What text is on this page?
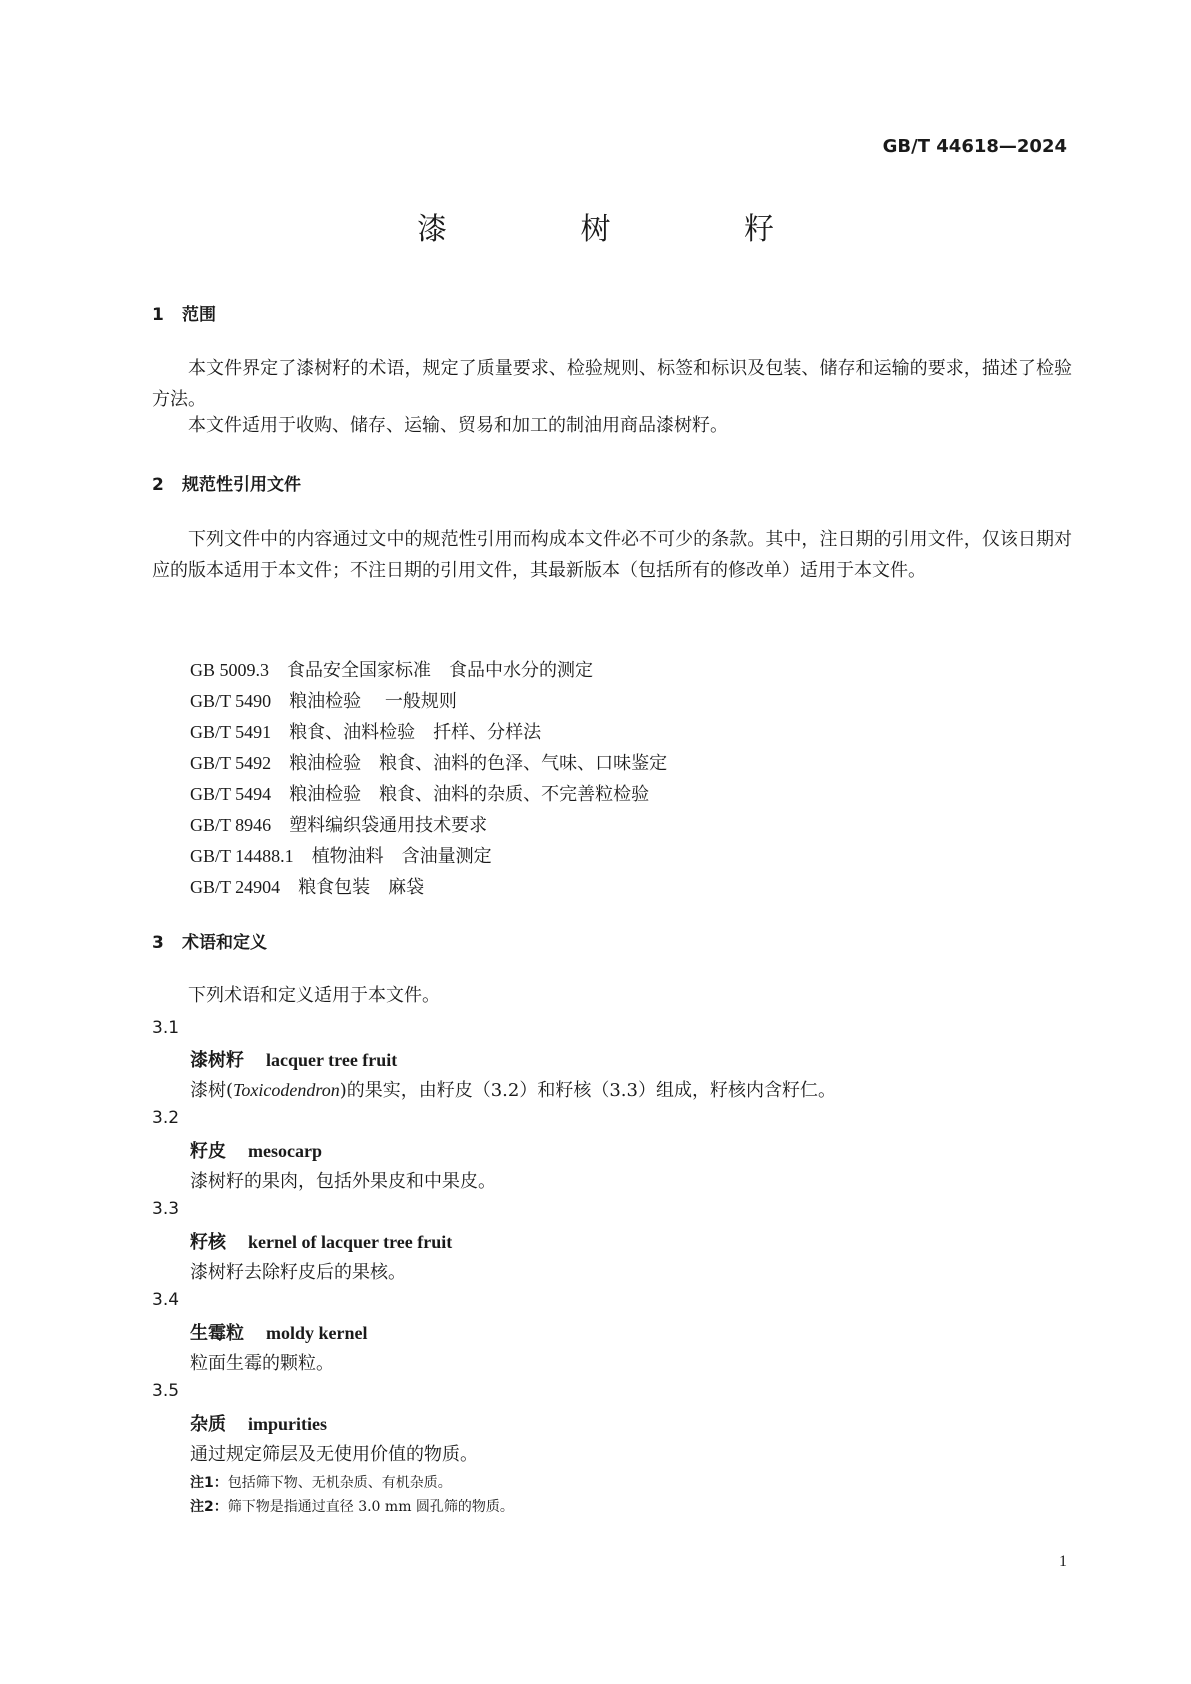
GB/T 44618—2024
漆 树 籽
1 范围

本文件界定了漆树籽的术语，规定了质量要求、检验规则、标签和标识及包装、储存和运输的要求，描述了检验方法。

本文件适用于收购、储存、运输、贸易和加工的制油用商品漆树籽。

2 规范性引用文件

下列文件中的内容通过文中的规范性引用而构成本文件必不可少的条款。其中，注日期的引用文件，仅该日期对应的版本适用于本文件；不注日期的引用文件，其最新版本（包括所有的修改单）适用于本文件。

GB 5009.3　 食品安全国家标准　食品中水分的测定
GB/T 5490　 粮油检验　 一般规则
GB/T 5491　 粮食、油料检验　扦样、分样法
GB/T 5492　 粮油检验　粮食、油料的色泽、气味、口味鉴定
GB/T 5494　 粮油检验　粮食、油料的杂质、不完善粒检验
GB/T 8946　 塑料编织袋通用技术要求
GB/T 14488.1　 植物油料　含油量测定
GB/T 24904　 粮食包装　麻袋
3 术语和定义

下列术语和定义适用于本文件。

3.1
漆树籽 lacquer tree fruit
漆树(Toxicodendron)的果实，由籽皮（3.2）和籽核（3.3）组成，籽核内含籽仁。
3.2
籽皮 mesocarp
漆树籽的果肉，包括外果皮和中果皮。
3.3
籽核 kernel of lacquer tree fruit
漆树籽去除籽皮后的果核。
3.4
生霉粒 moldy kernel
粒面生霉的颗粒。
3.5
杂质 impurities
通过规定筛层及无使用价值的物质。
注1：包括筛下物、无机杂质、有机杂质。
注2：筛下物是指通过直径 3.0 mm 圆孔筛的物质。
1
